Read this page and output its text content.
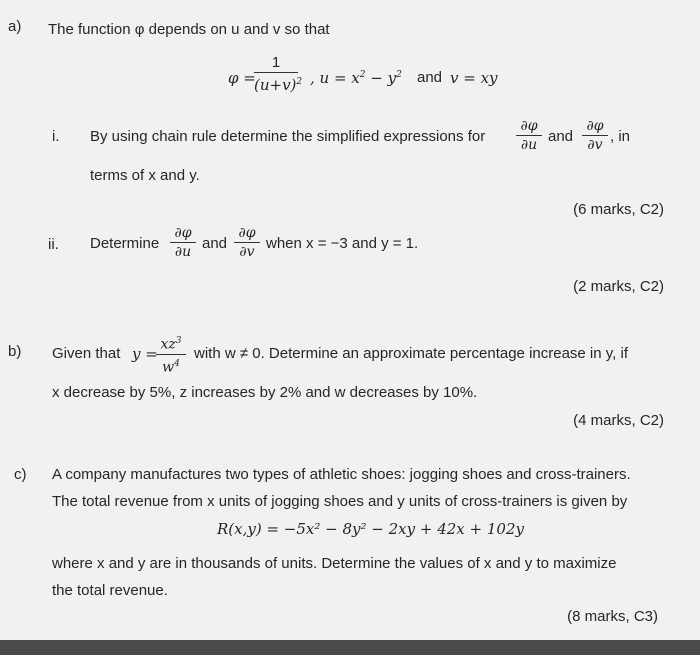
a) The function φ depends on u and v so that
φ =
1
$(u+v)^2$ , $u = x^2 - y^2$ and v = xy
i. By using chain rule determine the simplified expressions for
∂φ
∂u and
∂φ
∂v , in
terms of x and y.
(6 marks, C2)
ii. Determine
∂φ
∂u and
∂φ
∂v when x = −3 and y = 1.
(2 marks, C2)
b) Given that y =
$xz^3$
$w^4$
with w ≠ 0. Determine an approximate percentage increase in y, if
x decrease by 5%, z increases by 2% and w decreases by 10%.
(4 marks, C2)
c) A company manufactures two types of athletic shoes: jogging shoes and cross-trainers.
The total revenue from x units of jogging shoes and y units of cross-trainers is given by
R(x,y) = −5x² − 8y² − 2xy + 42x + 102y
where x and y are in thousands of units. Determine the values of x and y to maximize
the total revenue.
(8 marks, C3)
